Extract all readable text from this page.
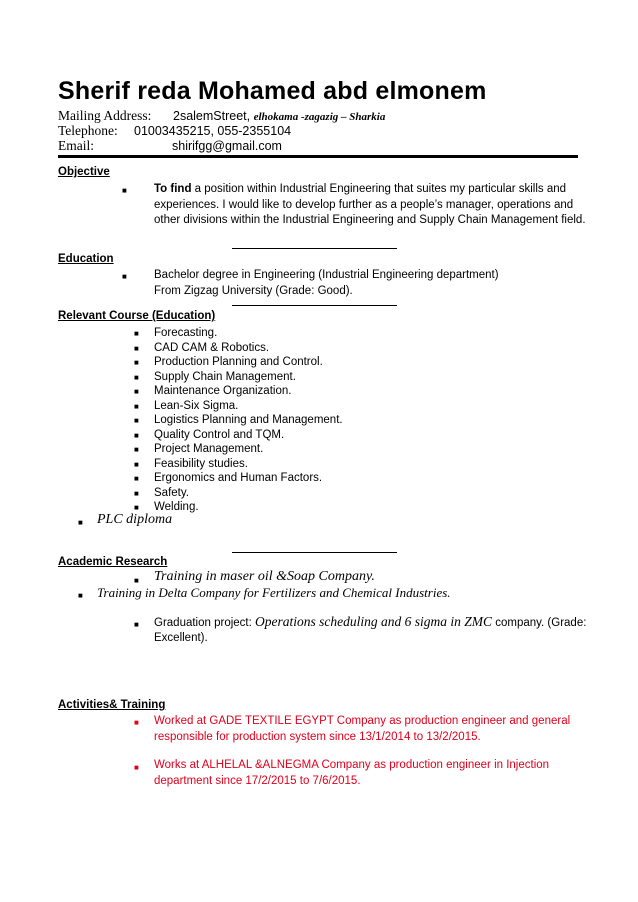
Sherif reda Mohamed abd elmonem
Mailing Address: 2salemStreet, elhokama -zagazig – Sharkia
Telephone: 01003435215, 055-2355104
Email:	shirifgg@gmail.com
Objective
■ To find a position within Industrial Engineering that suites my particular skills and
experiences. I would like to develop further as a people’s manager, operations and
other divisions within the Industrial Engineering and Supply Chain Management field.
Education
■ Bachelor degree in Engineering (Industrial Engineering department)
From Zigzag University (Grade: Good).
Relevant Course (Education)
■ Forecasting.
■ CAD CAM & Robotics.
■ Production Planning and Control.
■ Supply Chain Management.
■ Maintenance Organization.
■ Lean-Six Sigma.
■ Logistics Planning and Management.
■ Quality Control and TQM.
■ Project Management.
■ Feasibility studies.
■ Ergonomics and Human Factors.
■ Safety.
■ Welding.
■ PLC diploma
Academic Research
■ Training in maser oil &Soap Company.
■ Training in Delta Company for Fertilizers and Chemical Industries.
■ Graduation project: Operations scheduling and 6 sigma in ZMC company. (Grade:
Excellent).
Activities& Training
■ Worked at GADE TEXTILE EGYPT Company as production engineer and general
responsible for production system since 13/1/2014 to 13/2/2015.
■ Works at ALHELAL &ALNEGMA Company as production engineer in Injection
department since 17/2/2015 to 7/6/2015.
